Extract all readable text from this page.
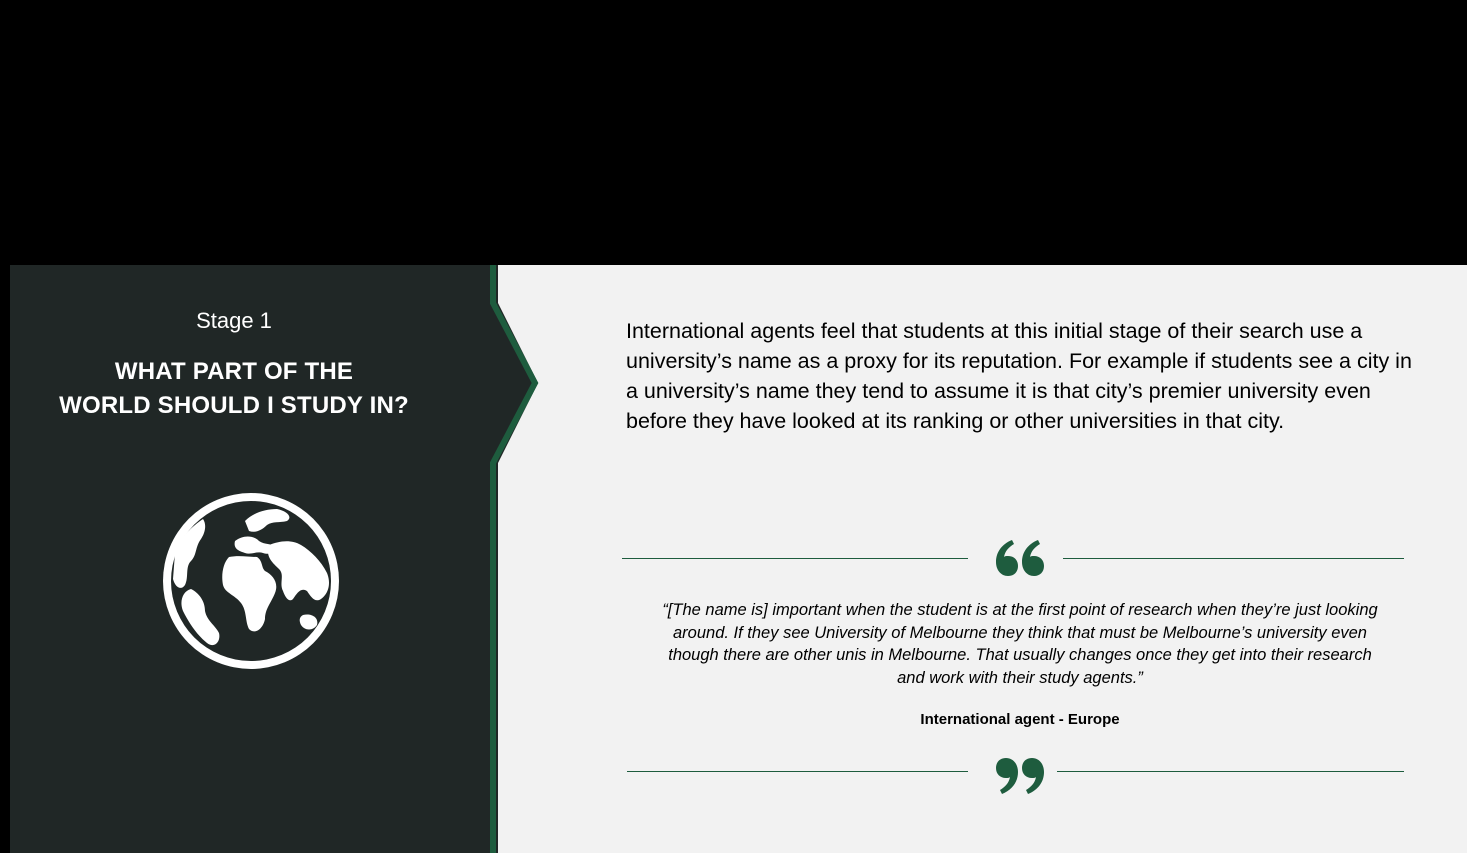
Stage 1
WHAT PART OF THE
WORLD SHOULD I STUDY IN?
International agents feel that students at this initial stage of their search use a university’s name as a proxy for its reputation. For example if students see a city in a university’s name they tend to assume it is that city’s premier university even before they have looked at its ranking or other universities in that city.
“[The name is] important when the student is at the first point of research when they’re just looking around. If they see University of Melbourne they think that must be Melbourne’s university even though there are other unis in Melbourne. That usually changes once they get into their research and work with their study agents.”
International agent - Europe
